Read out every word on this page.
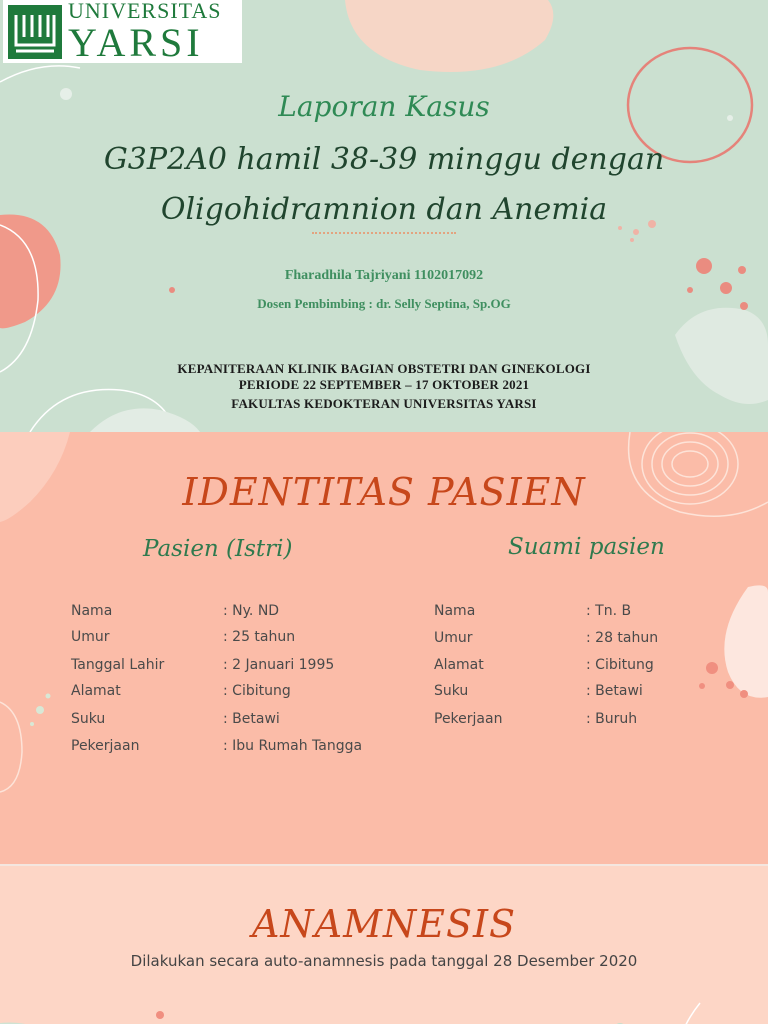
UNIVERSITAS
YARSI
Laporan Kasus
G3P2A0 hamil 38-39 minggu dengan
Oligohidramnion dan Anemia
Fharadhila Tajriyani 1102017092
Dosen Pembimbing : dr. Selly Septina, Sp.OG
KEPANITERAAN KLINIK BAGIAN OBSTETRI DAN GINEKOLOGI
PERIODE 22 SEPTEMBER – 17 OKTOBER 2021
FAKULTAS KEDOKTERAN UNIVERSITAS YARSI
IDENTITAS PASIEN
Pasien (Istri)	Suami pasien
Nama	: Ny. ND
Umur	: 25 tahun
Tanggal Lahir	: 2 Januari 1995
Alamat	: Cibitung
Suku	: Betawi
Pekerjaan	: Ibu Rumah Tangga
Nama	: Tn. B
Umur	: 28 tahun
Alamat	: Cibitung
Suku	: Betawi
Pekerjaan	: Buruh
ANAMNESIS
Dilakukan secara auto-anamnesis pada tanggal 28 Desember 2020
